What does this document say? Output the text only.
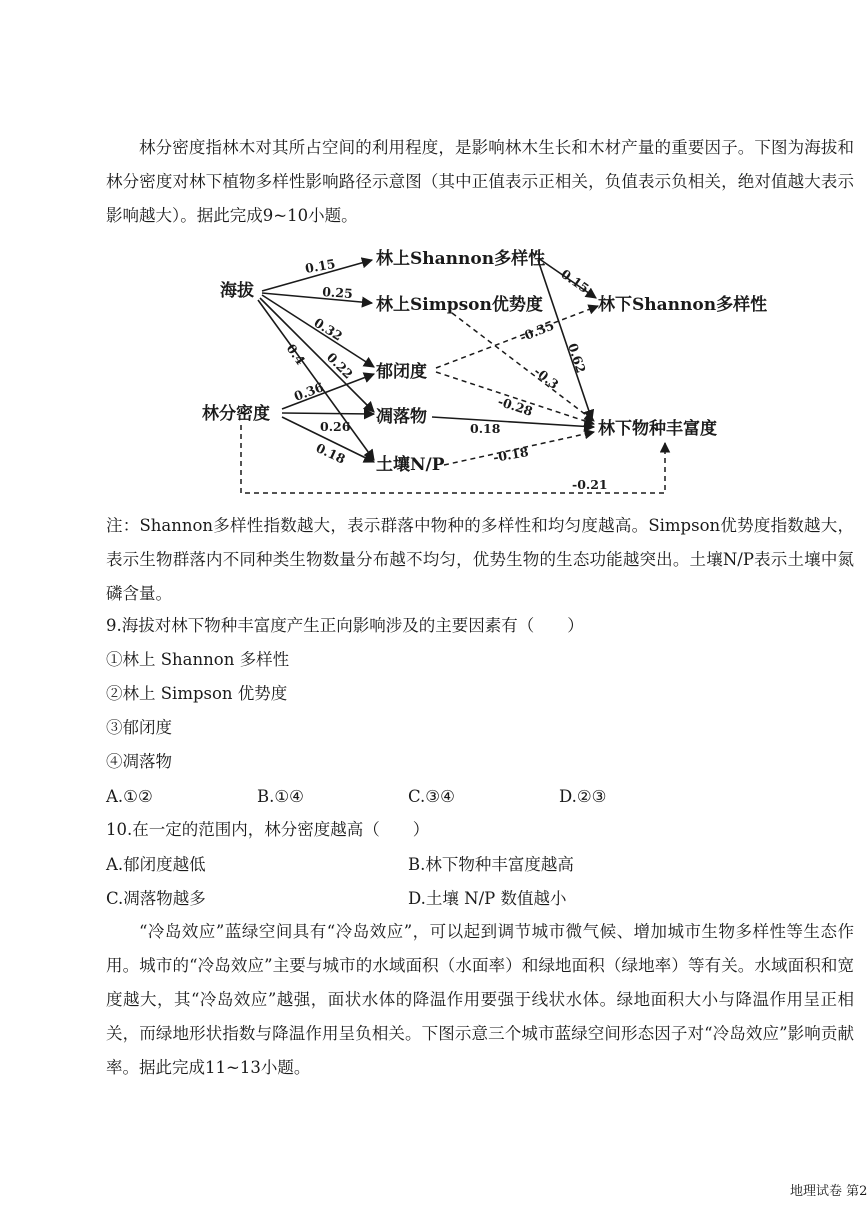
林分密度指林木对其所占空间的利用程度，是影响林木生长和木材产量的重要因子。下图为海拔和林分密度对林下植物多样性影响路径示意图（其中正值表示正相关，负值表示负相关，绝对值越大表示影响越大）。据此完成9~10小题。

海拔
林分密度
林上Shannon多样性
林上Simpson优势度
郁闭度
凋落物
土壤N/P
林下Shannon多样性
林下物种丰富度
0.15
0.25
0.32
0.22
0.4
0.36
0.26
0.18
0.15
0.62
-0.3
-0.35
-0.28
0.18
-0.18
-0.21

注：Shannon多样性指数越大，表示群落中物种的多样性和均匀度越高。Simpson优势度指数越大，表示生物群落内不同种类生物数量分布越不均匀，优势生物的生态功能越突出。土壤N/P表示土壤中氮磷含量。

9.海拔对林下物种丰富度产生正向影响涉及的主要因素有（　　）

①林上 Shannon 多样性

②林上 Simpson 优势度

③郁闭度

④凋落物

A.①②	B.①④	C.③④	D.②③

10.在一定的范围内，林分密度越高（　　）

A.郁闭度越低	B.林下物种丰富度越高
C.凋落物越多	D.土壤 N/P 数值越小

“冷岛效应”蓝绿空间具有“冷岛效应”，可以起到调节城市微气候、增加城市生物多样性等生态作用。城市的“冷岛效应”主要与城市的水域面积（水面率）和绿地面积（绿地率）等有关。水域面积和宽度越大，其“冷岛效应”越强，面状水体的降温作用要强于线状水体。绿地面积大小与降温作用呈正相关，而绿地形状指数与降温作用呈负相关。下图示意三个城市蓝绿空间形态因子对“冷岛效应”影响贡献率。据此完成11~13小题。

地理试卷 第2
